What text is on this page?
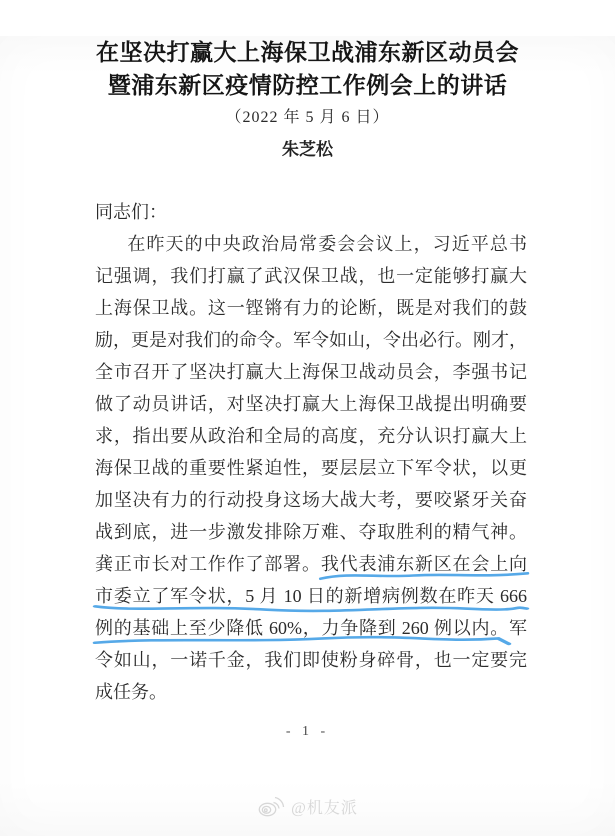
在坚决打赢大上海保卫战浦东新区动员会
暨浦东新区疫情防控工作例会上的讲话
（2022 年 5 月 6 日）
朱芝松
同志们：
在昨天的中央政治局常委会会议上，习近平总书
记强调，我们打赢了武汉保卫战，也一定能够打赢大
上海保卫战。这一铿锵有力的论断，既是对我们的鼓
励，更是对我们的命令。军令如山，令出必行。刚才，
全市召开了坚决打赢大上海保卫战动员会，李强书记
做了动员讲话，对坚决打赢大上海保卫战提出明确要
求，指出要从政治和全局的高度，充分认识打赢大上
海保卫战的重要性紧迫性，要层层立下军令状，以更
加坚决有力的行动投身这场大战大考，要咬紧牙关奋
战到底，进一步激发排除万难、夺取胜利的精气神。
龚正市长对工作作了部署。我代表浦东新区在会上向
市委立了军令状，5 月 10 日的新增病例数在昨天 666
例的基础上至少降低 60%，力争降到 260 例以内。
军
令如山，一诺千金，我们即使粉身碎骨，也一定要完
成任务。
- 1 -
@机友派
